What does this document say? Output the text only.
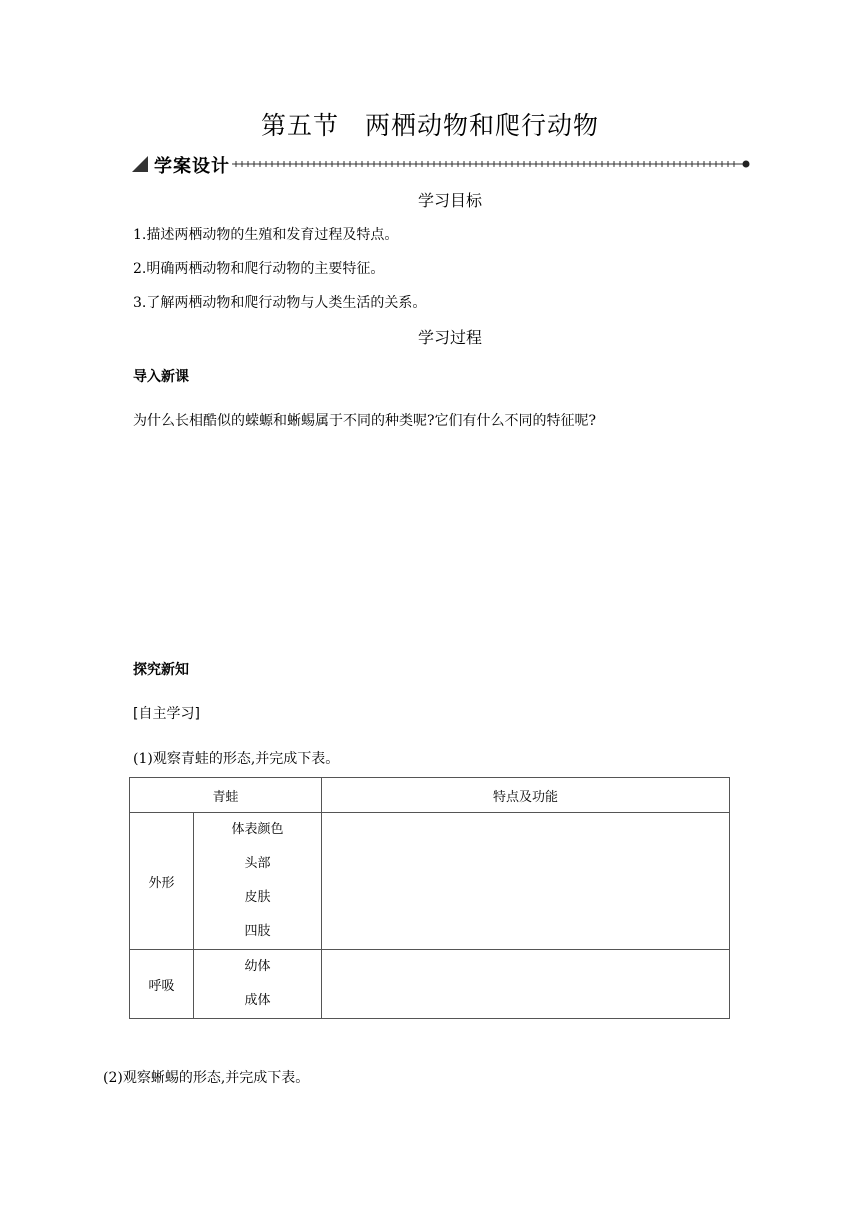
第五节　两栖动物和爬行动物
学案设计
学习目标
1.描述两栖动物的生殖和发育过程及特点。
2.明确两栖动物和爬行动物的主要特征。
3.了解两栖动物和爬行动物与人类生活的关系。
学习过程
导入新课
为什么长相酷似的蝾螈和蜥蜴属于不同的种类呢?它们有什么不同的特征呢?
探究新知
[自主学习]
(1)观察青蛙的形态,并完成下表。
青蛙		特点及功能
外形	体表颜色
头部
皮肤
四肢	

呼吸	幼体
成体	

(2)观察蜥蜴的形态,并完成下表。
